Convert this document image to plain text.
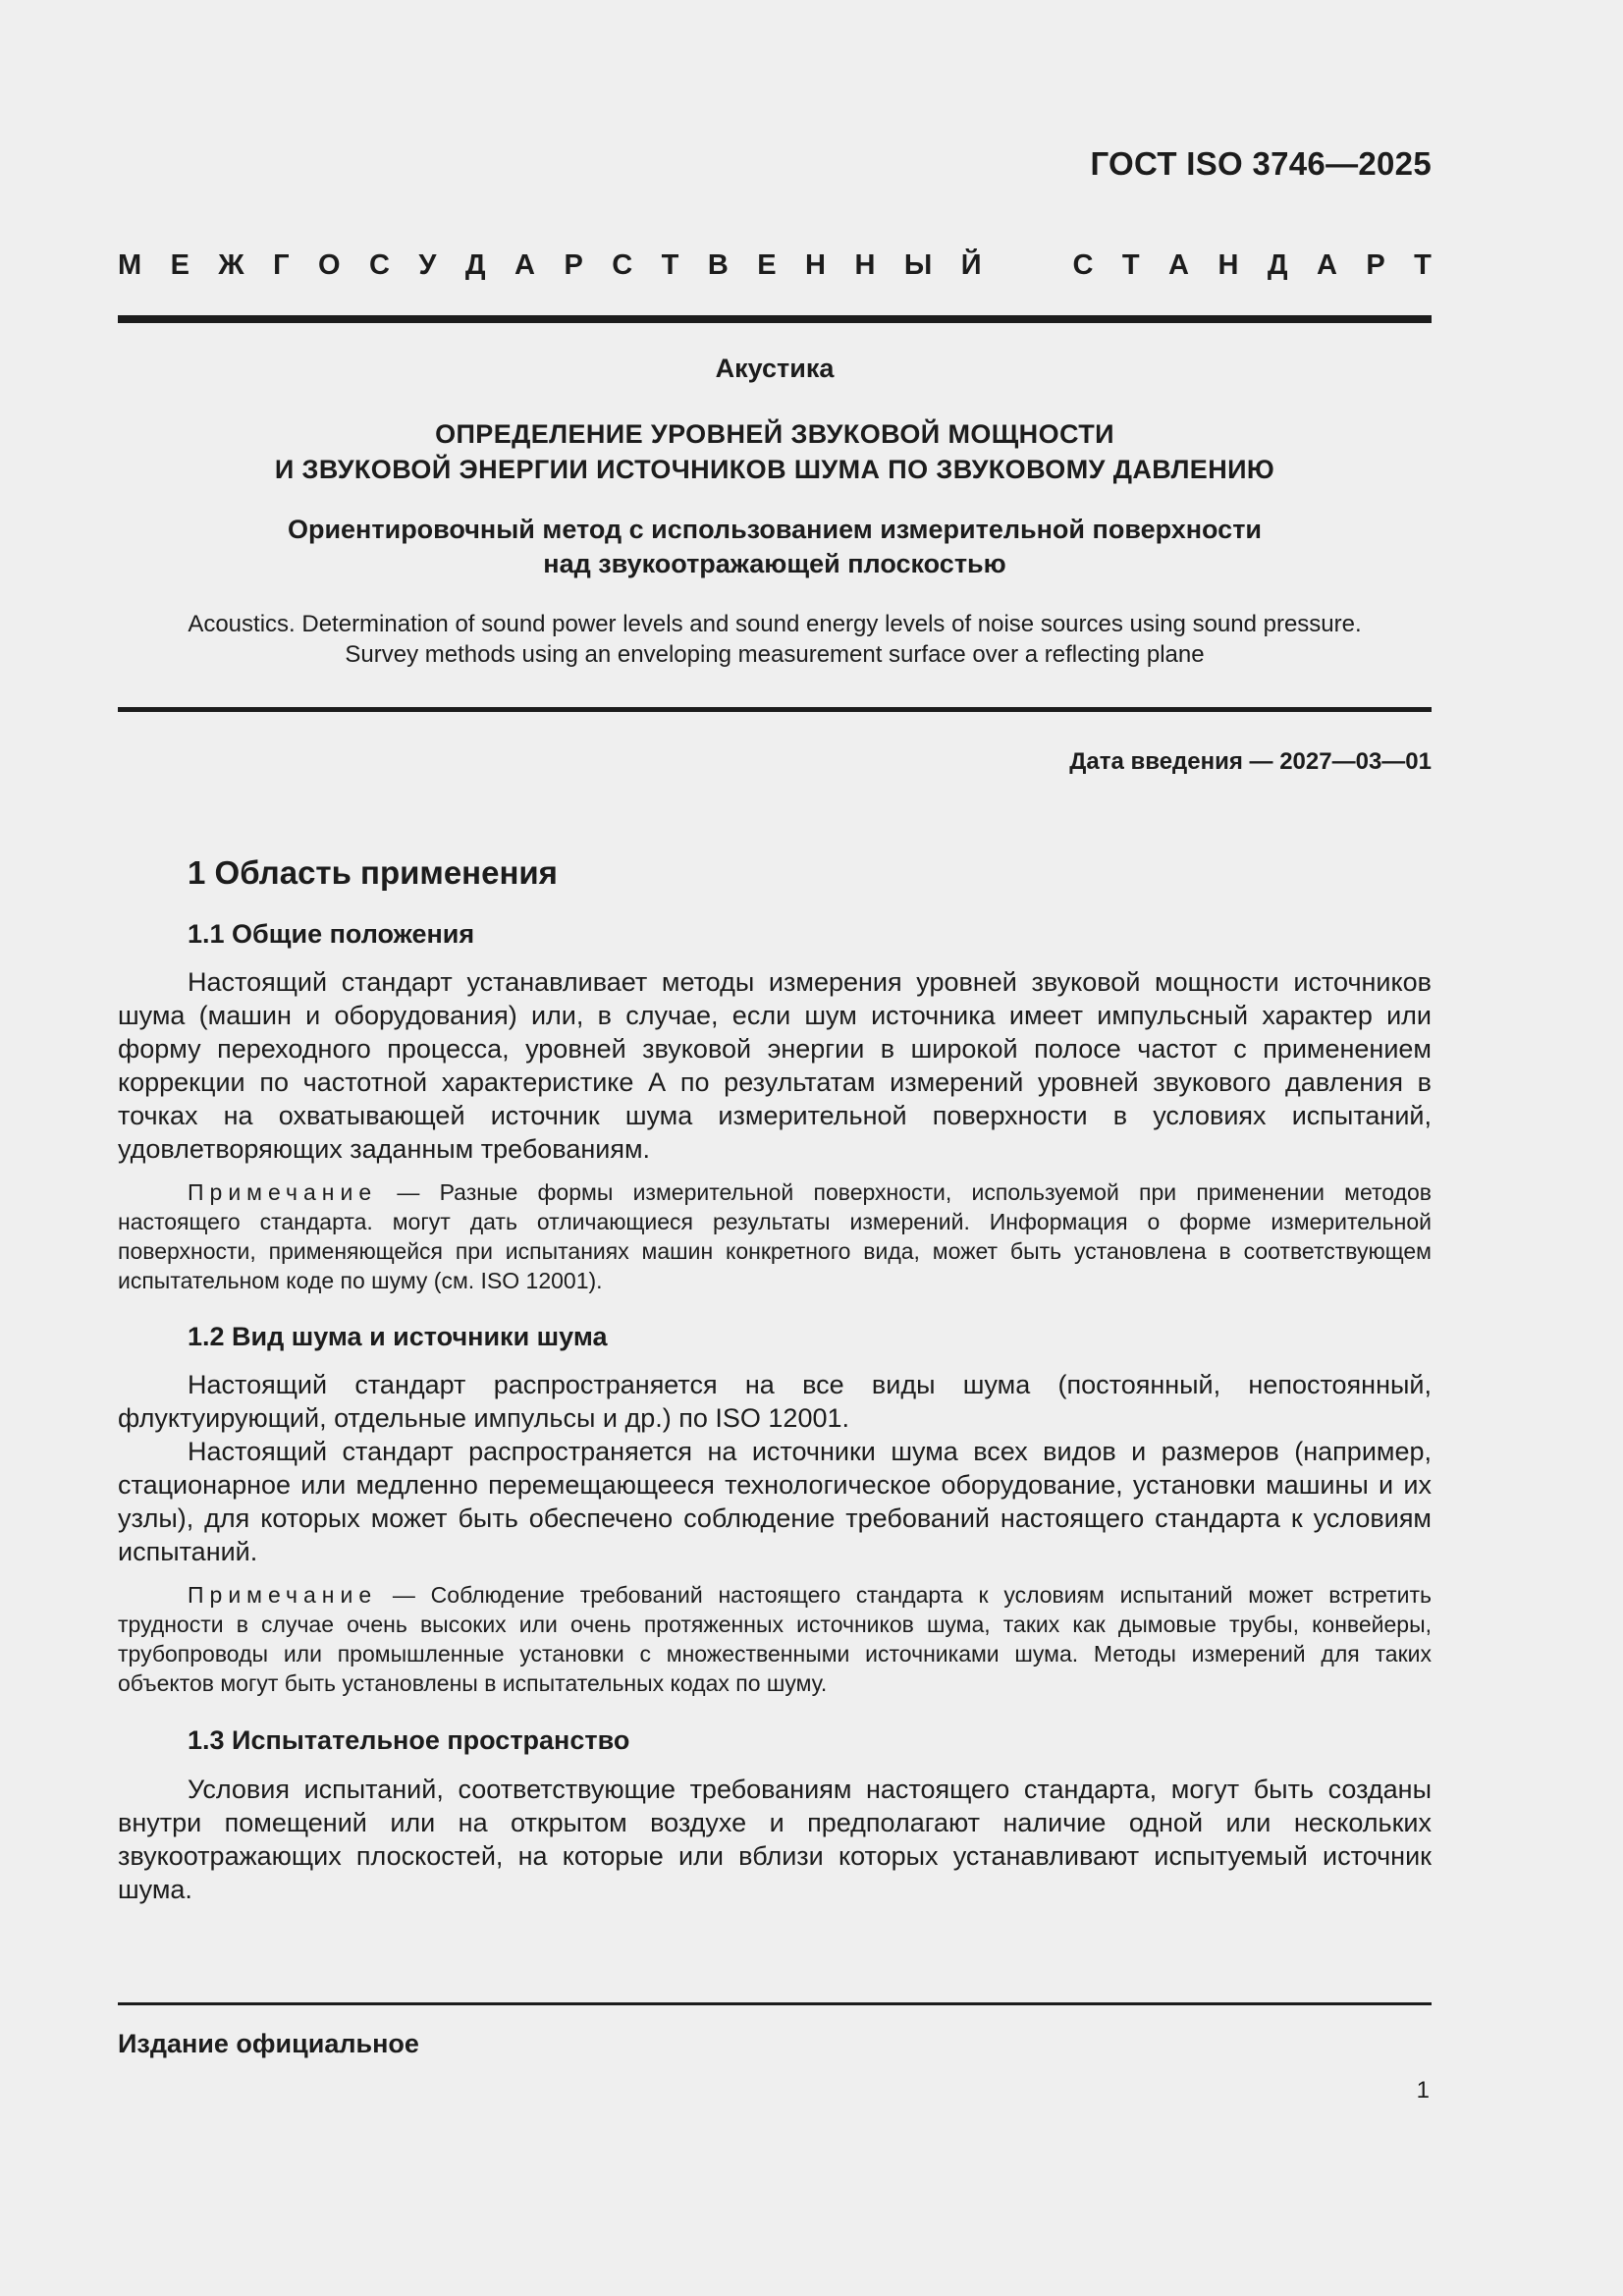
ГОСТ ISO 3746—2025
М Е Ж Г О С У Д А Р С Т В Е Н Н Ы Й	С Т А Н Д А Р Т
Акустика
ОПРЕДЕЛЕНИЕ УРОВНЕЙ ЗВУКОВОЙ МОЩНОСТИ
И ЗВУКОВОЙ ЭНЕРГИИ ИСТОЧНИКОВ ШУМА ПО ЗВУКОВОМУ ДАВЛЕНИЮ
Ориентировочный метод с использованием измерительной поверхности
над звукоотражающей плоскостью
Acoustics. Determination of sound power levels and sound energy levels of noise sources using sound pressure.
Survey methods using an enveloping measurement surface over a reflecting plane
Дата введения — 2027—03—01
1 Область применения
1.1 Общие положения
Настоящий стандарт устанавливает методы измерения уровней звуковой мощности источников шума (машин и оборудования) или, в случае, если шум источника имеет импульсный характер или форму переходного процесса, уровней звуковой энергии в широкой полосе частот с применением коррекции по частотной характеристике А по результатам измерений уровней звукового давления в точках на охватывающей источник шума измерительной поверхности в условиях испытаний, удовлетворяющих заданным требованиям.
Примечание — Разные формы измерительной поверхности, используемой при применении методов настоящего стандарта. могут дать отличающиеся результаты измерений. Информация о форме измерительной поверхности, применяющейся при испытаниях машин конкретного вида, может быть установлена в соответствующем испытательном коде по шуму (см. ISO 12001).
1.2 Вид шума и источники шума
Настоящий стандарт распространяется на все виды шума (постоянный, непостоянный, флуктуирующий, отдельные импульсы и др.) по ISO 12001.
Настоящий стандарт распространяется на источники шума всех видов и размеров (например, стационарное или медленно перемещающееся технологическое оборудование, установки машины и их узлы), для которых может быть обеспечено соблюдение требований настоящего стандарта к условиям испытаний.
Примечание — Соблюдение требований настоящего стандарта к условиям испытаний может встретить трудности в случае очень высоких или очень протяженных источников шума, таких как дымовые трубы, конвейеры, трубопроводы или промышленные установки с множественными источниками шума. Методы измерений для таких объектов могут быть установлены в испытательных кодах по шуму.
1.3 Испытательное пространство
Условия испытаний, соответствующие требованиям настоящего стандарта, могут быть созданы внутри помещений или на открытом воздухе и предполагают наличие одной или нескольких звукоотражающих плоскостей, на которые или вблизи которых устанавливают испытуемый источник шума.
Издание официальное
1
